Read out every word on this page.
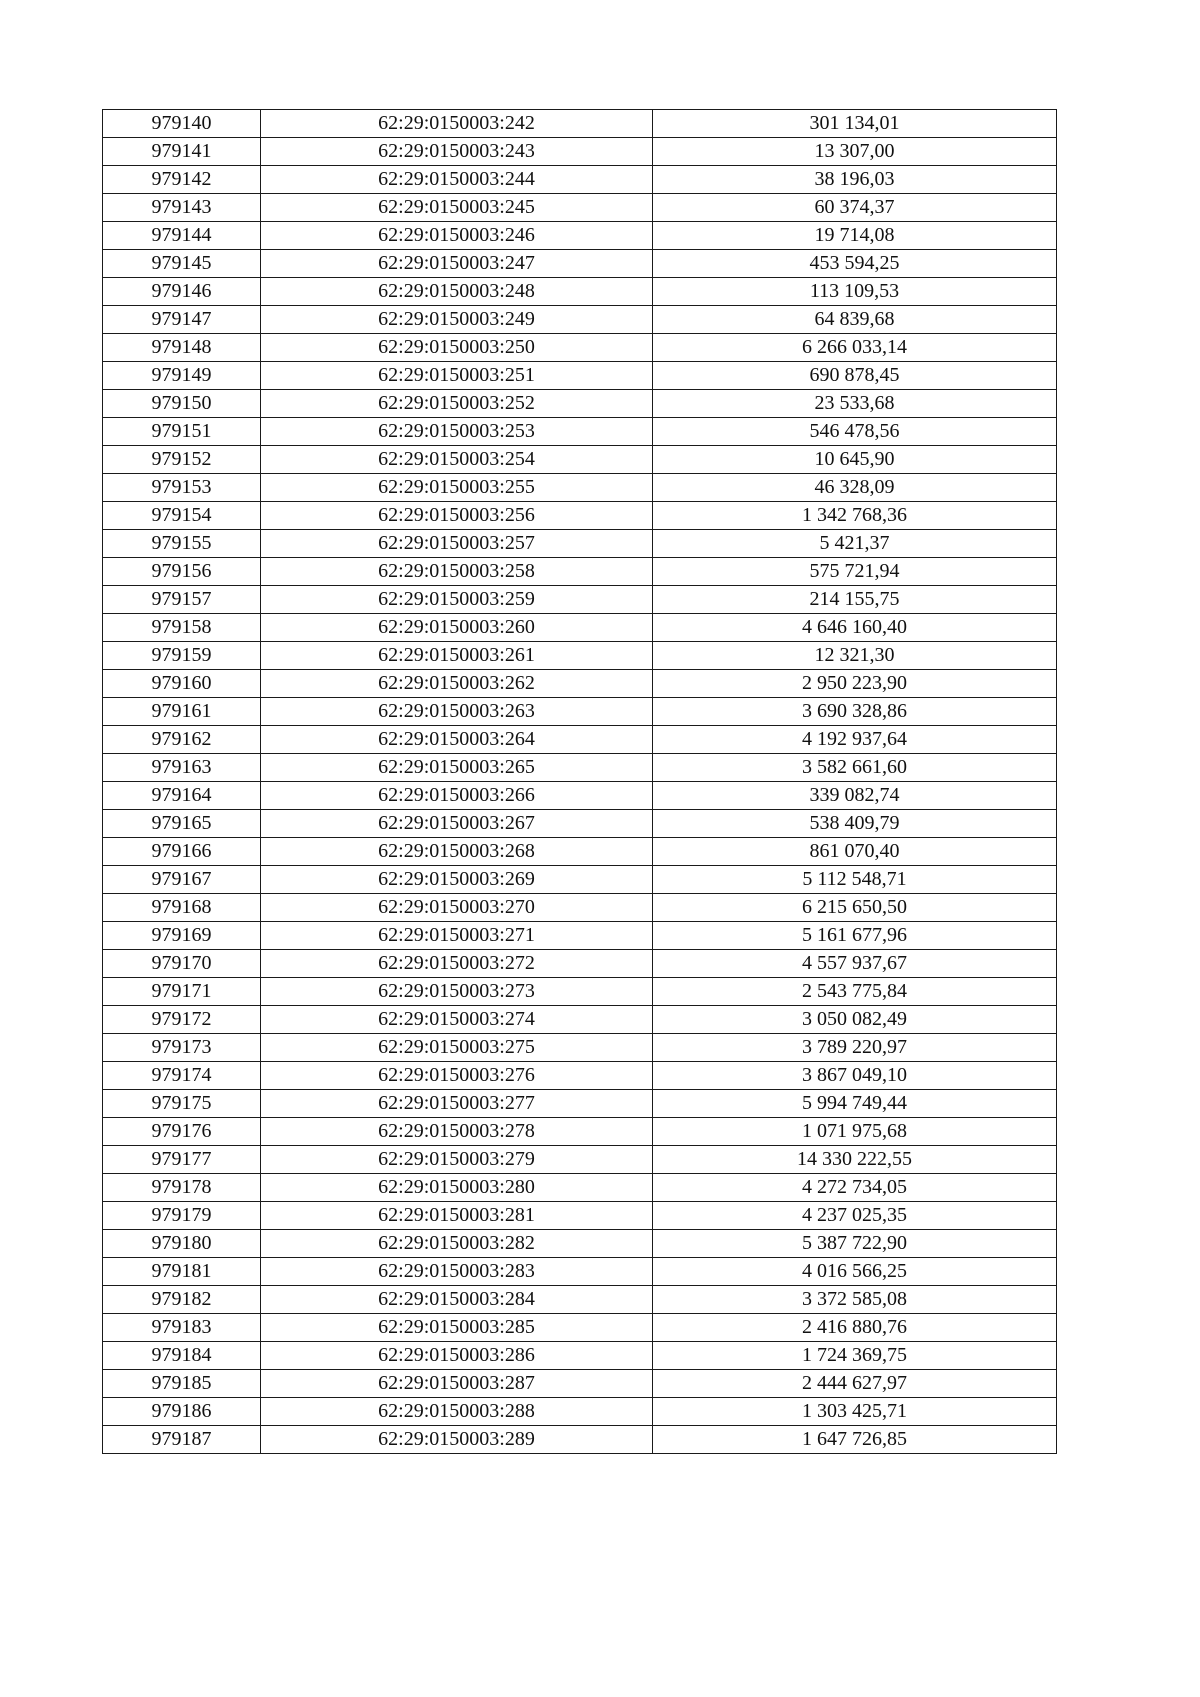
979140	62:29:0150003:242	301 134,01
979141	62:29:0150003:243	13 307,00
979142	62:29:0150003:244	38 196,03
979143	62:29:0150003:245	60 374,37
979144	62:29:0150003:246	19 714,08
979145	62:29:0150003:247	453 594,25
979146	62:29:0150003:248	113 109,53
979147	62:29:0150003:249	64 839,68
979148	62:29:0150003:250	6 266 033,14
979149	62:29:0150003:251	690 878,45
979150	62:29:0150003:252	23 533,68
979151	62:29:0150003:253	546 478,56
979152	62:29:0150003:254	10 645,90
979153	62:29:0150003:255	46 328,09
979154	62:29:0150003:256	1 342 768,36
979155	62:29:0150003:257	5 421,37
979156	62:29:0150003:258	575 721,94
979157	62:29:0150003:259	214 155,75
979158	62:29:0150003:260	4 646 160,40
979159	62:29:0150003:261	12 321,30
979160	62:29:0150003:262	2 950 223,90
979161	62:29:0150003:263	3 690 328,86
979162	62:29:0150003:264	4 192 937,64
979163	62:29:0150003:265	3 582 661,60
979164	62:29:0150003:266	339 082,74
979165	62:29:0150003:267	538 409,79
979166	62:29:0150003:268	861 070,40
979167	62:29:0150003:269	5 112 548,71
979168	62:29:0150003:270	6 215 650,50
979169	62:29:0150003:271	5 161 677,96
979170	62:29:0150003:272	4 557 937,67
979171	62:29:0150003:273	2 543 775,84
979172	62:29:0150003:274	3 050 082,49
979173	62:29:0150003:275	3 789 220,97
979174	62:29:0150003:276	3 867 049,10
979175	62:29:0150003:277	5 994 749,44
979176	62:29:0150003:278	1 071 975,68
979177	62:29:0150003:279	14 330 222,55
979178	62:29:0150003:280	4 272 734,05
979179	62:29:0150003:281	4 237 025,35
979180	62:29:0150003:282	5 387 722,90
979181	62:29:0150003:283	4 016 566,25
979182	62:29:0150003:284	3 372 585,08
979183	62:29:0150003:285	2 416 880,76
979184	62:29:0150003:286	1 724 369,75
979185	62:29:0150003:287	2 444 627,97
979186	62:29:0150003:288	1 303 425,71
979187	62:29:0150003:289	1 647 726,85
